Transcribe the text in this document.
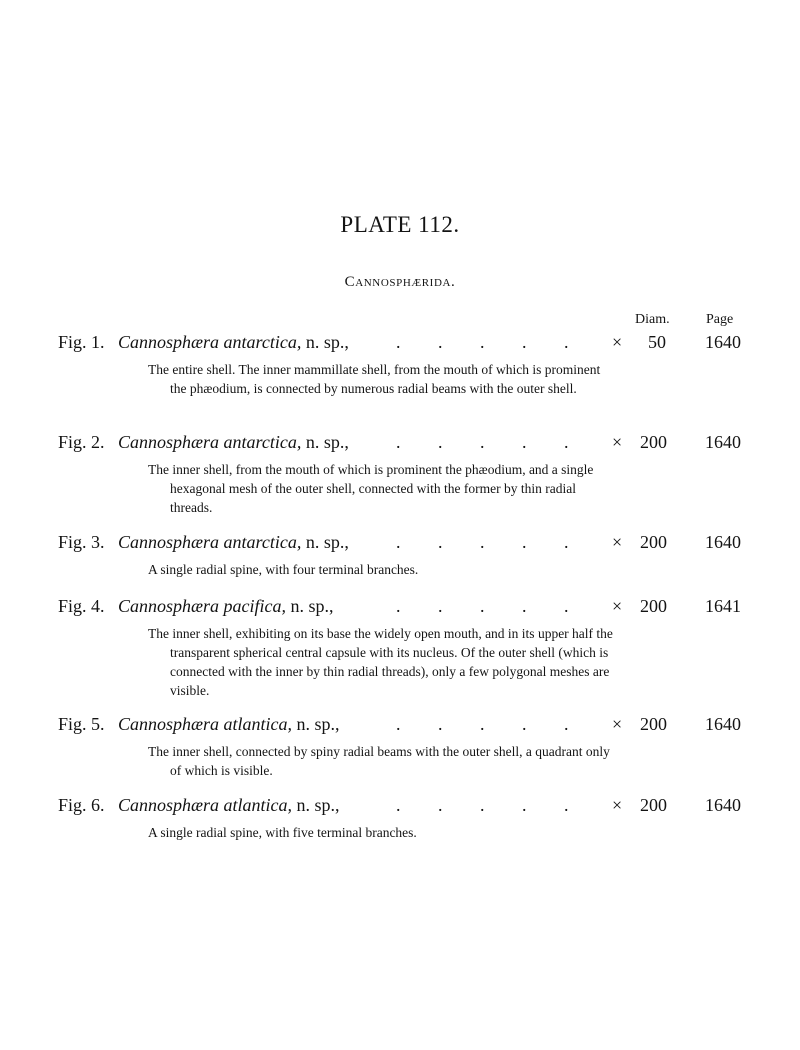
PLATE 112.
Cannosphærida.
Diam.	Page
Fig. 1. Cannosphæra antarctica, n. sp.,	. . . . .	× 50 1640
The entire shell. The inner mammillate shell, from the mouth of which is prominent the phæodium, is connected by numerous radial beams with the outer shell.
Fig. 2. Cannosphæra antarctica, n. sp.,	. . . . .	× 200 1640
The inner shell, from the mouth of which is prominent the phæodium, and a single hexagonal mesh of the outer shell, connected with the former by thin radial threads.
Fig. 3. Cannosphæra antarctica, n. sp.,	. . . . .	× 200 1640
A single radial spine, with four terminal branches.
Fig. 4. Cannosphæra pacifica, n. sp.,	. . . . .	× 200 1641
The inner shell, exhibiting on its base the widely open mouth, and in its upper half the transparent spherical central capsule with its nucleus. Of the outer shell (which is connected with the inner by thin radial threads), only a few polygonal meshes are visible.
Fig. 5. Cannosphæra atlantica, n. sp.,	. . . . .	× 200 1640
The inner shell, connected by spiny radial beams with the outer shell, a quadrant only of which is visible.
Fig. 6. Cannosphæra atlantica, n. sp.,	. . . . .	× 200 1640
A single radial spine, with five terminal branches.
